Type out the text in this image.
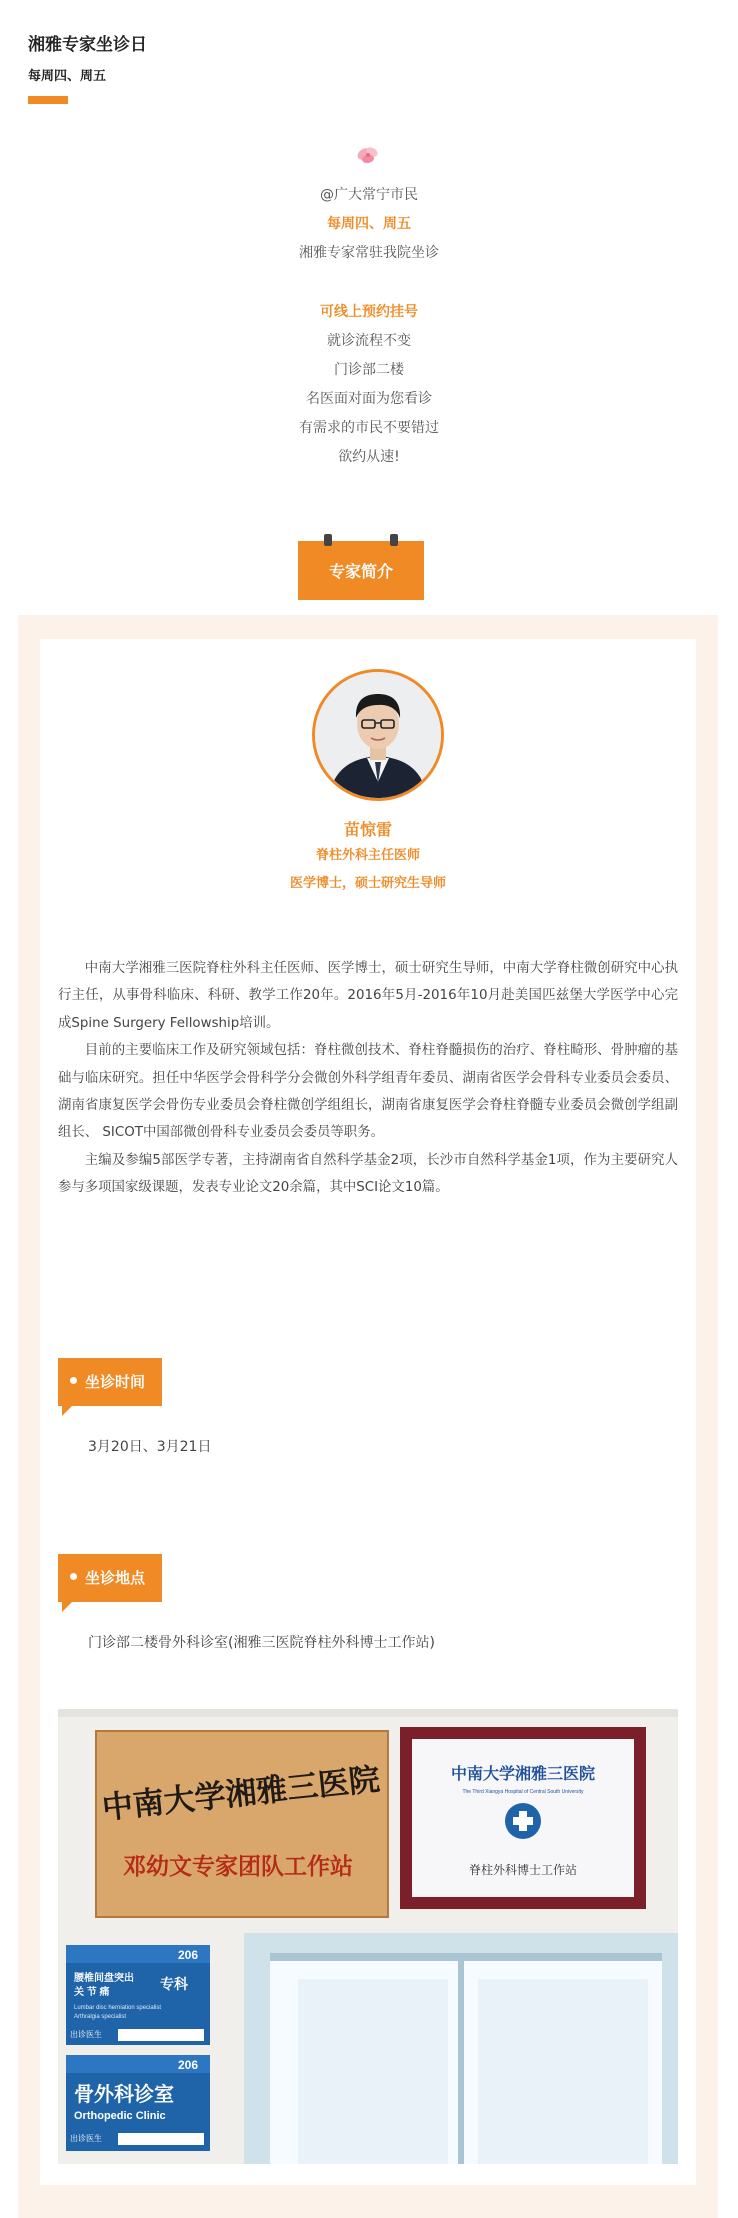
湘雅专家坐诊日
每周四、周五

@广大常宁市民

每周四、周五

湘雅专家常驻我院坐诊

可线上预约挂号

就诊流程不变

门诊部二楼

名医面对面为您看诊

有需求的市民不要错过

欲约从速!

专家简介
苗惊雷
脊柱外科主任医师
医学博士，硕士研究生导师

中南大学湘雅三医院脊柱外科主任医师、医学博士，硕士研究生导师，中南大学脊柱微创研究中心执行主任，从事骨科临床、科研、教学工作20年。2016年5月-2016年10月赴美国匹兹堡大学医学中心完成Spine Surgery Fellowship培训。

目前的主要临床工作及研究领域包括：脊柱微创技术、脊柱脊髓损伤的治疗、脊柱畸形、骨肿瘤的基础与临床研究。担任中华医学会骨科学分会微创外科学组青年委员、湖南省医学会骨科专业委员会委员、湖南省康复医学会骨伤专业委员会脊柱微创学组组长，湖南省康复医学会脊柱脊髓专业委员会微创学组副组长、 SICOT中国部微创骨科专业委员会委员等职务。

主编及参编5部医学专著，主持湖南省自然科学基金2项，长沙市自然科学基金1项，作为主要研究人参与多项国家级课题，发表专业论文20余篇，其中SCI论文10篇。

坐诊时间
3月20日、3月21日
坐诊地点
门诊部二楼骨外科诊室(湘雅三医院脊柱外科博士工作站)
中南大学湘雅三医院
邓幼文专家团队工作站
中南大学湘雅三医院
The Third Xiangya Hospital of Central South University
脊柱外科博士工作站
206
腰椎间盘突出
关 节 痛
专科
Lumbar disc herniation specialist
Arthralgia specialist
出诊医生
206
骨外科诊室
Orthopedic Clinic
出诊医生
